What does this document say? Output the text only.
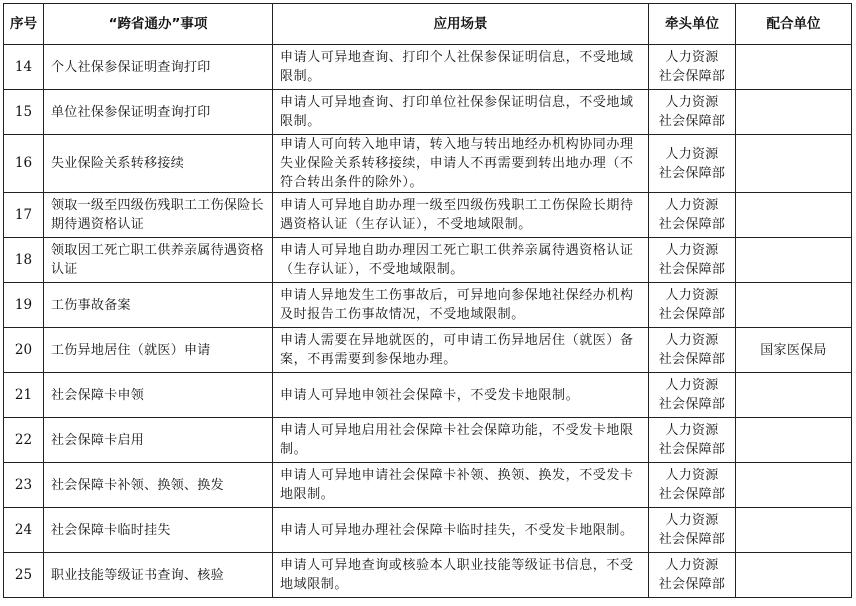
序号	“跨省通办”事项	应用场景	牵头单位	配合单位
14	个人社保参保证明查询打印	申请人可异地查询、打印个人社保参保证明信息，不受地域限制。	人力资源
社会保障部	

15	单位社保参保证明查询打印	申请人可异地查询、打印单位社保参保证明信息，不受地域限制。	人力资源
社会保障部	

16	失业保险关系转移接续	申请人可向转入地申请，转入地与转出地经办机构协同办理失业保险关系转移接续，申请人不再需要到转出地办理（不符合转出条件的除外）。	人力资源
社会保障部	

17	领取一级至四级伤残职工工伤保险长期待遇资格认证	申请人可异地自助办理一级至四级伤残职工工伤保险长期待遇资格认证（生存认证），不受地域限制。	人力资源
社会保障部	

18	领取因工死亡职工供养亲属待遇资格认证	申请人可异地自助办理因工死亡职工供养亲属待遇资格认证（生存认证），不受地域限制。	人力资源
社会保障部	

19	工伤事故备案	申请人异地发生工伤事故后，可异地向参保地社保经办机构及时报告工伤事故情况，不受地域限制。	人力资源
社会保障部	

20	工伤异地居住（就医）申请	申请人需要在异地就医的，可申请工伤异地居住（就医）备案，不再需要到参保地办理。	人力资源
社会保障部	国家医保局
21	社会保障卡申领	申请人可异地申领社会保障卡，不受发卡地限制。	人力资源
社会保障部	

22	社会保障卡启用	申请人可异地启用社会保障卡社会保障功能，不受发卡地限制。	人力资源
社会保障部	

23	社会保障卡补领、换领、换发	申请人可异地申请社会保障卡补领、换领、换发，不受发卡地限制。	人力资源
社会保障部	

24	社会保障卡临时挂失	申请人可异地办理社会保障卡临时挂失，不受发卡地限制。	人力资源
社会保障部	

25	职业技能等级证书查询、核验	申请人可异地查询或核验本人职业技能等级证书信息，不受地域限制。	人力资源
社会保障部	
